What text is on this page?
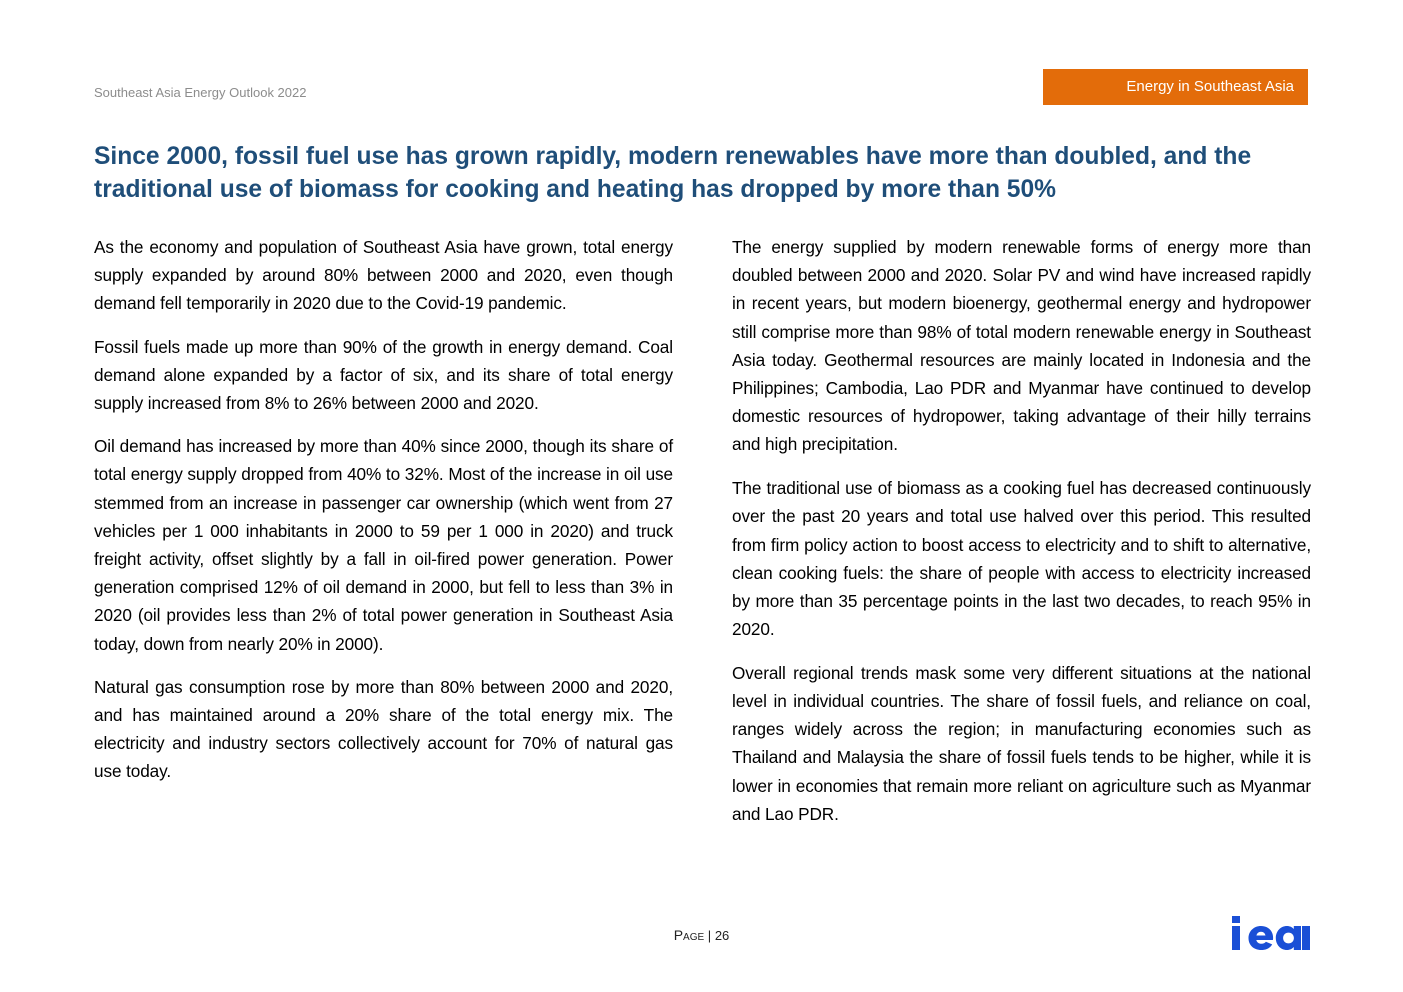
Southeast Asia Energy Outlook 2022	Energy in Southeast Asia
Since 2000, fossil fuel use has grown rapidly, modern renewables have more than doubled, and the traditional use of biomass for cooking and heating has dropped by more than 50%

As the economy and population of Southeast Asia have grown, total energy supply expanded by around 80% between 2000 and 2020, even though demand fell temporarily in 2020 due to the Covid-19 pandemic.

Fossil fuels made up more than 90% of the growth in energy demand. Coal demand alone expanded by a factor of six, and its share of total energy supply increased from 8% to 26% between 2000 and 2020.

Oil demand has increased by more than 40% since 2000, though its share of total energy supply dropped from 40% to 32%. Most of the increase in oil use stemmed from an increase in passenger car ownership (which went from 27 vehicles per 1 000 inhabitants in 2000 to 59 per 1 000 in 2020) and truck freight activity, offset slightly by a fall in oil-fired power generation. Power generation comprised 12% of oil demand in 2000, but fell to less than 3% in 2020 (oil provides less than 2% of total power generation in Southeast Asia today, down from nearly 20% in 2000).

Natural gas consumption rose by more than 80% between 2000 and 2020, and has maintained around a 20% share of the total energy mix. The electricity and industry sectors collectively account for 70% of natural gas use today.

The energy supplied by modern renewable forms of energy more than doubled between 2000 and 2020. Solar PV and wind have increased rapidly in recent years, but modern bioenergy, geothermal energy and hydropower still comprise more than 98% of total modern renewable energy in Southeast Asia today. Geothermal resources are mainly located in Indonesia and the Philippines; Cambodia, Lao PDR and Myanmar have continued to develop domestic resources of hydropower, taking advantage of their hilly terrains and high precipitation.

The traditional use of biomass as a cooking fuel has decreased continuously over the past 20 years and total use halved over this period. This resulted from firm policy action to boost access to electricity and to shift to alternative, clean cooking fuels: the share of people with access to electricity increased by more than 35 percentage points in the last two decades, to reach 95% in 2020.

Overall regional trends mask some very different situations at the national level in individual countries. The share of fossil fuels, and reliance on coal, ranges widely across the region; in manufacturing economies such as Thailand and Malaysia the share of fossil fuels tends to be higher, while it is lower in economies that remain more reliant on agriculture such as Myanmar and Lao PDR.

Page | 26
